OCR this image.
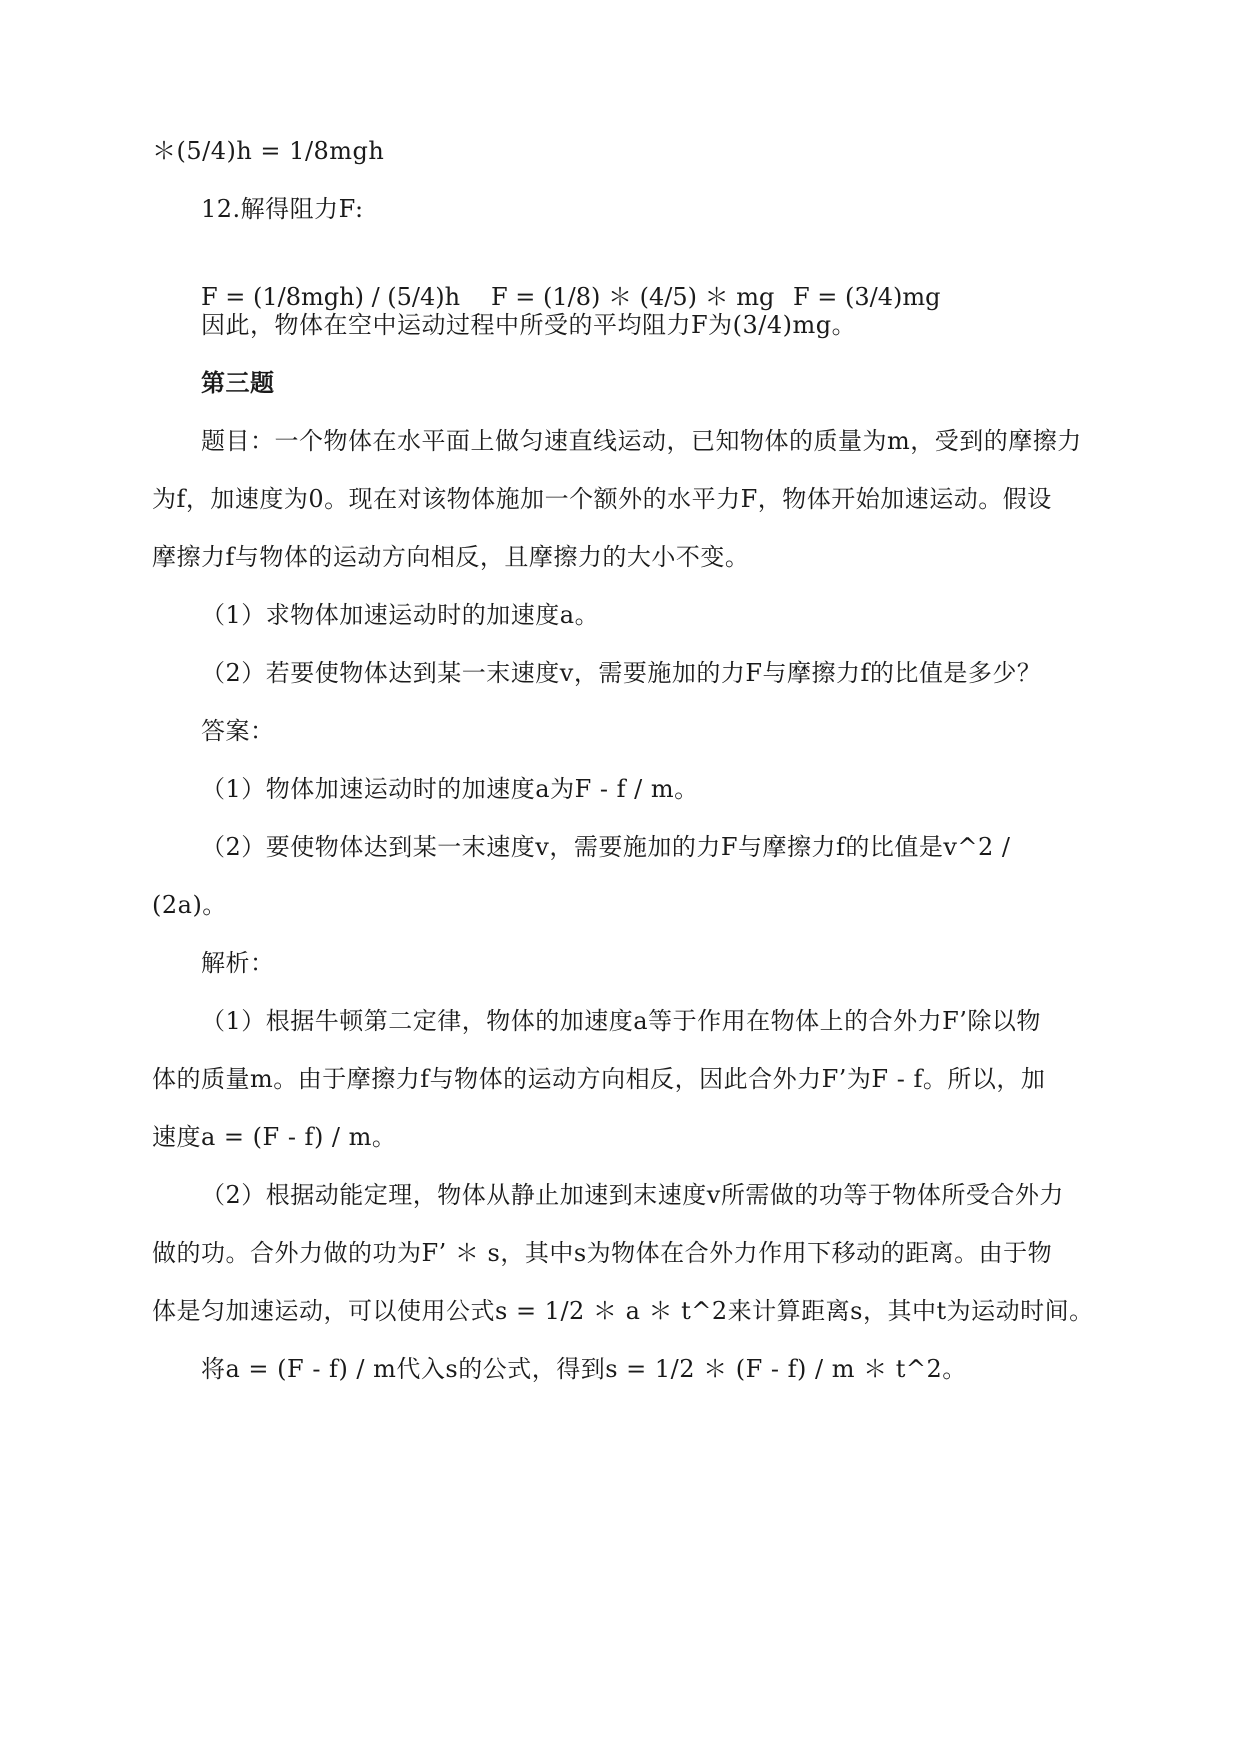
＊(5/4)h = 1/8mgh
12.解得阻力F:
F = (1/8mgh) / (5/4)h F = (1/8) ＊ (4/5) ＊ mg F = (3/4)mg
因此，物体在空中运动过程中所受的平均阻力F为(3/4)mg。
第三题
题目：一个物体在水平面上做匀速直线运动，已知物体的质量为m，受到的摩擦力
为f，加速度为0。现在对该物体施加一个额外的水平力F，物体开始加速运动。假设
摩擦力f与物体的运动方向相反，且摩擦力的大小不变。
（1）求物体加速运动时的加速度a。
（2）若要使物体达到某一末速度v，需要施加的力F与摩擦力f的比值是多少？
答案：
（1）物体加速运动时的加速度a为F - f / m。
（2）要使物体达到某一末速度v，需要施加的力F与摩擦力f的比值是v^2 /
(2a)。
解析：
（1）根据牛顿第二定律，物体的加速度a等于作用在物体上的合外力F’除以物
体的质量m。由于摩擦力f与物体的运动方向相反，因此合外力F’为F - f。所以，加
速度a = (F - f) / m。
（2）根据动能定理，物体从静止加速到末速度v所需做的功等于物体所受合外力
做的功。合外力做的功为F’ ＊ s，其中s为物体在合外力作用下移动的距离。由于物
体是匀加速运动，可以使用公式s = 1/2 ＊ a ＊ t^2来计算距离s，其中t为运动时间。
将a = (F - f) / m代入s的公式，得到s = 1/2 ＊ (F - f) / m ＊ t^2。
